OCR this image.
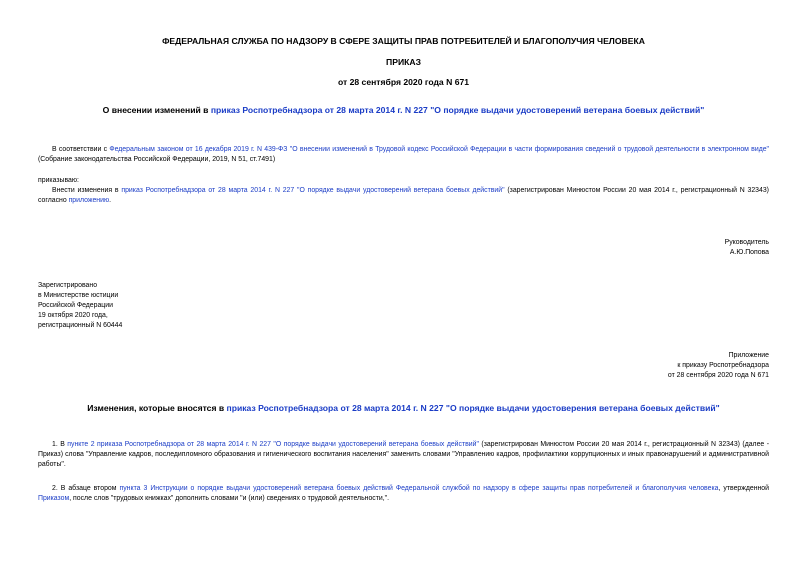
ФЕДЕРАЛЬНАЯ СЛУЖБА ПО НАДЗОРУ В СФЕРЕ ЗАЩИТЫ ПРАВ ПОТРЕБИТЕЛЕЙ И БЛАГОПОЛУЧИЯ ЧЕЛОВЕКА
ПРИКАЗ
от 28 сентября 2020 года N 671
О внесении изменений в приказ Роспотребнадзора от 28 марта 2014 г. N 227 "О порядке выдачи удостоверений ветерана боевых действий"
В соответствии с Федеральным законом от 16 декабря 2019 г. N 439-ФЗ "О внесении изменений в Трудовой кодекс Российской Федерации в части формирования сведений о трудовой деятельности в электронном виде" (Собрание законодательства Российской Федерации, 2019, N 51, ст.7491)
приказываю:
Внести изменения в приказ Роспотребнадзора от 28 марта 2014 г. N 227 "О порядке выдачи удостоверений ветерана боевых действий" (зарегистрирован Минюстом России 20 мая 2014 г., регистрационный N 32343) согласно приложению.
Руководитель
А.Ю.Попова
Зарегистрировано
в Министерстве юстиции
Российской Федерации
19 октября 2020 года,
регистрационный N 60444
Приложение
к приказу Роспотребнадзора
от 28 сентября 2020 года N 671
Изменения, которые вносятся в приказ Роспотребнадзора от 28 марта 2014 г. N 227 "О порядке выдачи удостоверения ветерана боевых действий"
1. В пункте 2 приказа Роспотребнадзора от 28 марта 2014 г. N 227 "О порядке выдачи удостоверений ветерана боевых действий" (зарегистрирован Минюстом России 20 мая 2014 г., регистрационный N 32343) (далее - Приказ) слова "Управление кадров, последипломного образования и гигиенического воспитания населения" заменить словами "Управлению кадров, профилактики коррупционных и иных правонарушений и административной работы".
2. В абзаце втором пункта 3 Инструкции о порядке выдачи удостоверений ветерана боевых действий Федеральной службой по надзору в сфере защиты прав потребителей и благополучия человека, утвержденной Приказом, после слов "трудовых книжках" дополнить словами "и (или) сведениях о трудовой деятельности,".
